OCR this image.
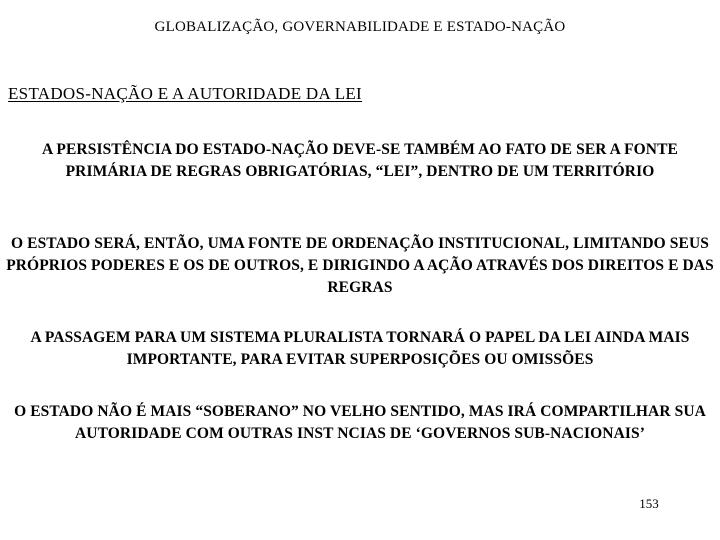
GLOBALIZAÇÃO, GOVERNABILIDADE E ESTADO-NAÇÃO
ESTADOS-NAÇÃO E A AUTORIDADE DA LEI
A PERSISTÊNCIA DO ESTADO-NAÇÃO DEVE-SE TAMBÉM AO FATO DE SER A FONTE PRIMÁRIA DE REGRAS OBRIGATÓRIAS, “LEI”, DENTRO DE UM TERRITÓRIO
O ESTADO SERÁ, ENTÃO, UMA FONTE DE ORDENAÇÃO INSTITUCIONAL, LIMITANDO SEUS PRÓPRIOS PODERES E OS DE OUTROS, E DIRIGINDO A AÇÃO ATRAVÉS DOS DIREITOS E DAS REGRAS
A PASSAGEM PARA UM SISTEMA PLURALISTA TORNARÁ O PAPEL DA LEI AINDA MAIS IMPORTANTE, PARA EVITAR SUPERPOSIÇÕES OU OMISSÕES
O ESTADO NÃO É MAIS “SOBERANO” NO VELHO SENTIDO, MAS IRÁ COMPARTILHAR SUA AUTORIDADE COM OUTRAS INST NCIAS DE ‘GOVERNOS SUB-NACIONAIS’
153
